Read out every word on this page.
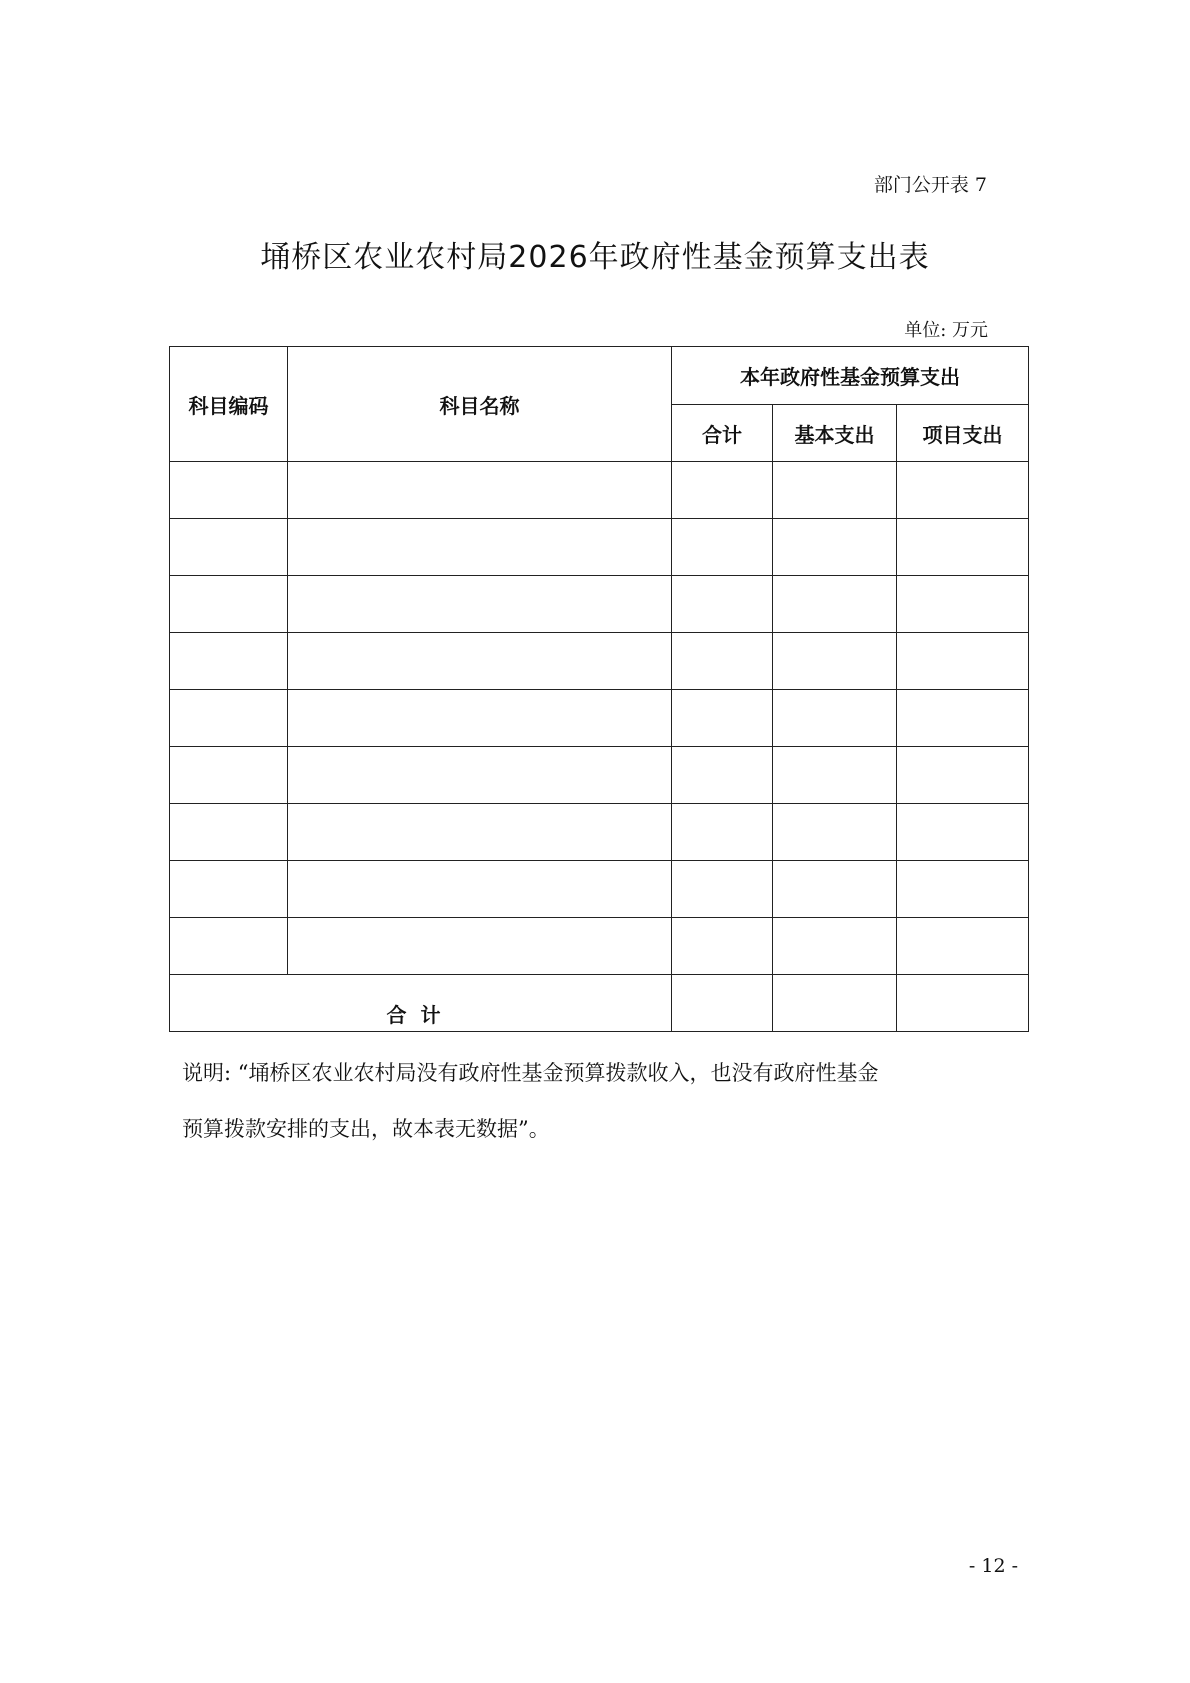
部门公开表 7
埇桥区农业农村局2026年政府性基金预算支出表
单位: 万元
科目编码	科目名称	本年政府性基金预算支出		
		合计	基本支出	项目支出

合计				
说明: “埇桥区农业农村局没有政府性基金预算拨款收入，也没有政府性基金
预算拨款安排的支出，故本表无数据”。
- 12 -
